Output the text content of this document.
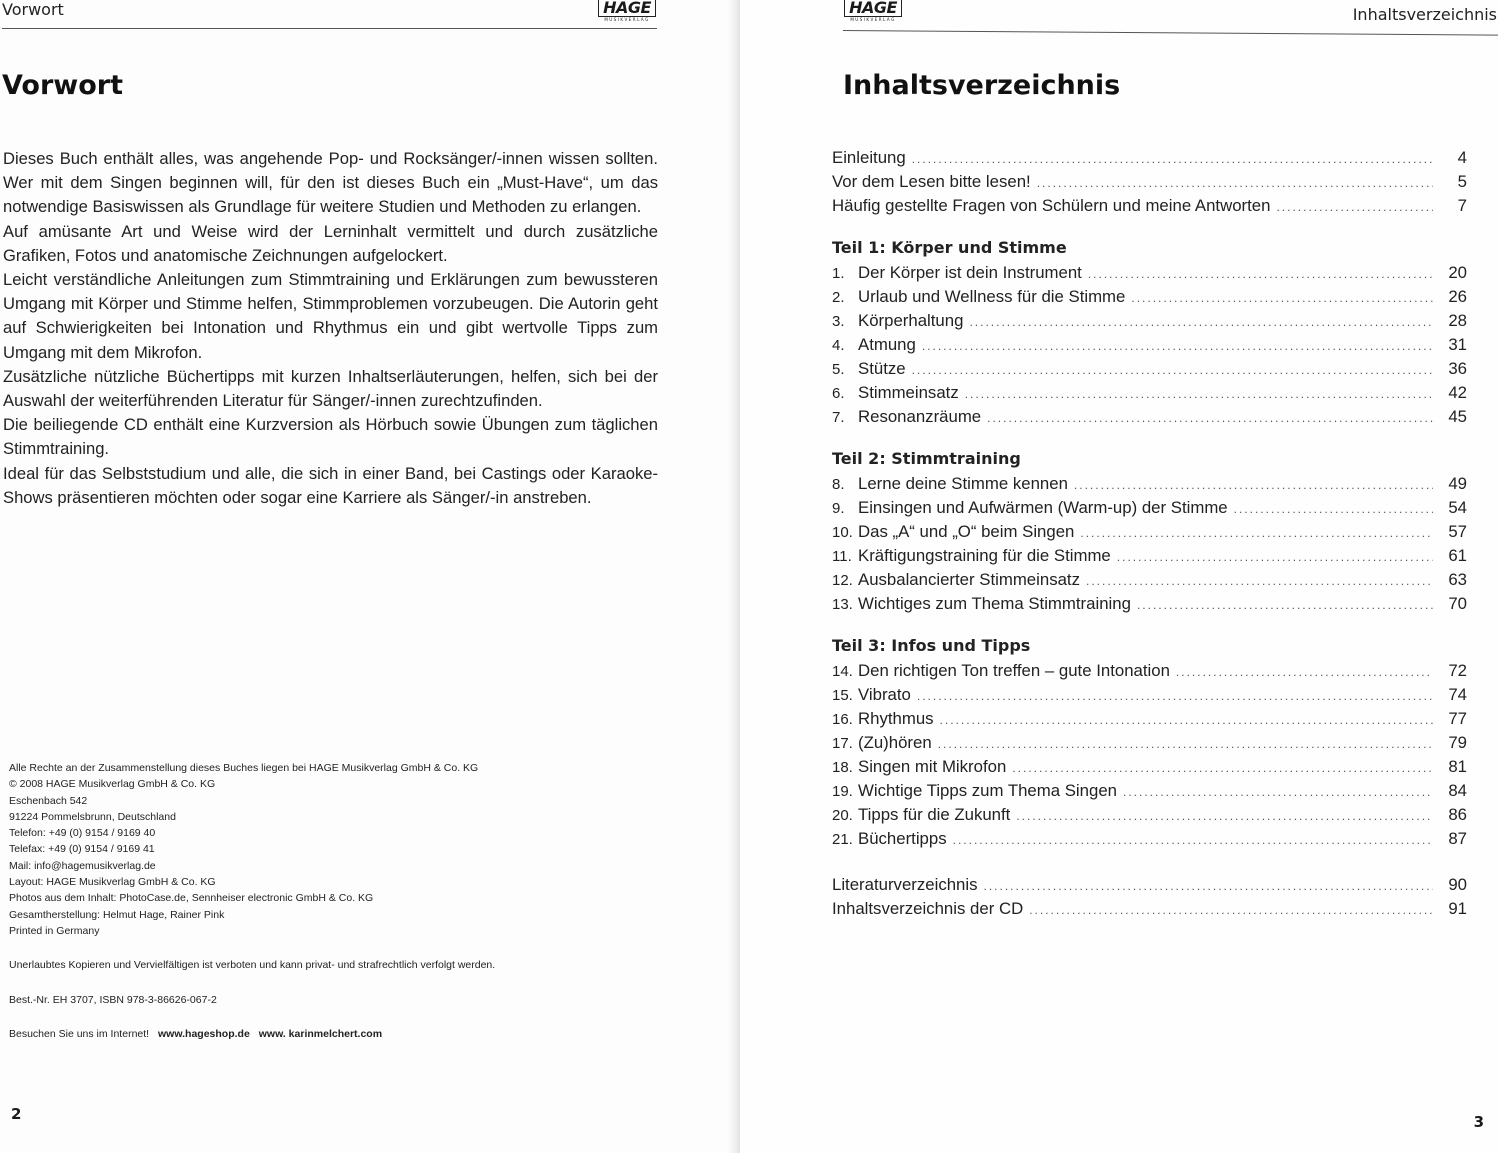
Vorwort	HAGE
MUSIKVERLAG
Vorwort

Dieses Buch enthält alles, was angehende Pop- und Rocksänger/-innen wissen sollten. Wer mit dem Singen beginnen will, für den ist dieses Buch ein „Must-Have“, um das notwendige Basiswissen als Grundlage für weitere Studien und Methoden zu erlangen.

Auf amüsante Art und Weise wird der Lerninhalt vermittelt und durch zusätzliche Grafiken, Fotos und anatomische Zeichnungen aufgelockert.

Leicht verständliche Anleitungen zum Stimmtraining und Erklärungen zum bewussteren Umgang mit Körper und Stimme helfen, Stimmproblemen vorzubeugen. Die Autorin geht auf Schwierigkeiten bei Intonation und Rhythmus ein und gibt wertvolle Tipps zum Umgang mit dem Mikrofon.

Zusätzliche nützliche Büchertipps mit kurzen Inhaltserläuterungen, helfen, sich bei der Auswahl der weiterführenden Literatur für Sänger/-innen zurechtzufinden.

Die beiliegende CD enthält eine Kurzversion als Hörbuch sowie Übungen zum täglichen Stimmtraining.

Ideal für das Selbststudium und alle, die sich in einer Band, bei Castings oder Karaoke-Shows präsentieren möchten oder sogar eine Karriere als Sänger/-in anstreben.

Alle Rechte an der Zusammenstellung dieses Buches liegen bei HAGE Musikverlag GmbH & Co. KG
© 2008 HAGE Musikverlag GmbH & Co. KG
Eschenbach 542
91224 Pommelsbrunn, Deutschland
Telefon: +49 (0) 9154 / 9169 40
Telefax: +49 (0) 9154 / 9169 41
Mail: info@hagemusikverlag.de
Layout: HAGE Musikverlag GmbH & Co. KG
Photos aus dem Inhalt: PhotoCase.de, Sennheiser electronic GmbH & Co. KG
Gesamtherstellung: Helmut Hage, Rainer Pink
Printed in Germany
Unerlaubtes Kopieren und Vervielfältigen ist verboten und kann privat- und strafrechtlich verfolgt werden.
Best.-Nr. EH 3707, ISBN 978-3-86626-067-2
Besuchen Sie uns im Internet! www.hageshop.de www. karinmelchert.com
2
HAGE
MUSIKVERLAG	Inhaltsverzeichnis
Inhaltsverzeichnis
Einleitung .....	4
Vor dem Lesen bitte lesen! .....	5
Häufig gestellte Fragen von Schülern und meine Antworten .....	7
Teil 1: Körper und Stimme
1. Der Körper ist dein Instrument .....	20
2. Urlaub und Wellness für die Stimme .....	26
3. Körperhaltung .....	28
4. Atmung .....	31
5. Stütze .....	36
6. Stimmeinsatz .....	42
7. Resonanzräume .....	45
Teil 2: Stimmtraining
8. Lerne deine Stimme kennen .....	49
9. Einsingen und Aufwärmen (Warm-up) der Stimme .....	54
10. Das „A“ und „O“ beim Singen .....	57
11. Kräftigungstraining für die Stimme .....	61
12. Ausbalancierter Stimmeinsatz .....	63
13. Wichtiges zum Thema Stimmtraining .....	70
Teil 3: Infos und Tipps
14. Den richtigen Ton treffen – gute Intonation .....	72
15. Vibrato .....	74
16. Rhythmus .....	77
17. (Zu)hören .....	79
18. Singen mit Mikrofon .....	81
19. Wichtige Tipps zum Thema Singen .....	84
20. Tipps für die Zukunft .....	86
21. Büchertipps .....	87
Literaturverzeichnis .....	90
Inhaltsverzeichnis der CD .....	91
3
